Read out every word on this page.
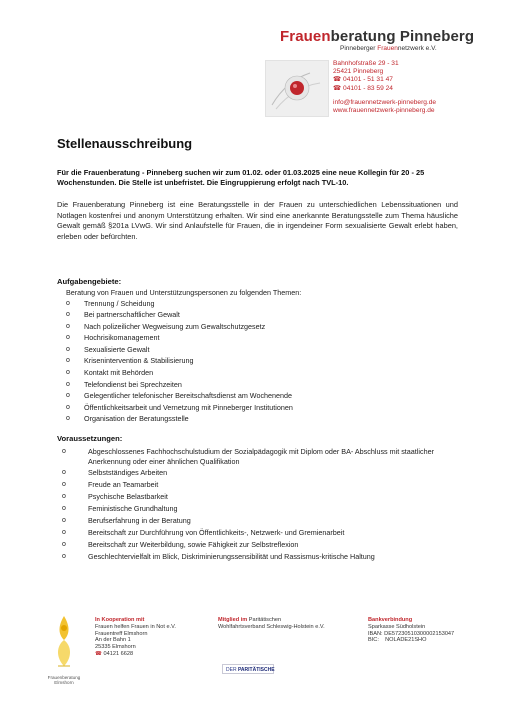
Frauenberatung Pinneberg
Pinneberger Frauennetzwerk e.V.
Bahnhofstraße 29 - 31
25421 Pinneberg
☎ 04101 - 51 31 47
☎ 04101 - 83 59 24
info@frauennetzwerk-pinneberg.de
www.frauennetzwerk-pinneberg.de
Stellenausschreibung
Für die Frauenberatung - Pinneberg suchen wir zum 01.02. oder 01.03.2025 eine neue Kollegin für 20 - 25 Wochenstunden. Die Stelle ist unbefristet. Die Eingruppierung erfolgt nach TVL-10.
Die Frauenberatung Pinneberg ist eine Beratungsstelle in der Frauen zu unterschiedlichen Lebenssituationen und Notlagen kostenfrei und anonym Unterstützung erhalten. Wir sind eine anerkannte Beratungsstelle zum Thema häusliche Gewalt gemäß §201a LVwG. Wir sind Anlaufstelle für Frauen, die in irgendeiner Form sexualisierte Gewalt erlebt haben, erleben oder befürchten.
Aufgabengebiete:
Beratung von Frauen und Unterstützungspersonen zu folgenden Themen:
o Trennung / Scheidung
o Bei partnerschaftlicher Gewalt
o Nach polizeilicher Wegweisung zum Gewaltschutzgesetz
o Hochrisikomanagement
o Sexualisierte Gewalt
o Krisenintervention & Stabilisierung
o Kontakt mit Behörden
o Telefondienst bei Sprechzeiten
o Gelegentlicher telefonischer Bereitschaftsdienst am Wochenende
o Öffentlichkeitsarbeit und Vernetzung mit Pinneberger Institutionen
o Organisation der Beratungsstelle
Voraussetzungen:
o	Abgeschlossenes Fachhochschulstudium der Sozialpädagogik mit Diplom oder BA- Abschluss mit staatlicher Anerkennung oder einer ähnlichen Qualifikation
o	Selbstständiges Arbeiten
o	Freude an Teamarbeit
o	Psychische Belastbarkeit
o	Feministische Grundhaltung
o	Berufserfahrung in der Beratung
o	Bereitschaft zur Durchführung von Öffentlichkeits-, Netzwerk- und Gremienarbeit
o	Bereitschaft zur Weiterbildung, sowie Fähigkeit zur Selbstreflexion
o	Geschlechtervielfalt im Blick, Diskriminierungssensibilität und Rassismus-kritische Haltung
Frauenberatung
Elmshorn
In Kooperation mit
Frauen helfen Frauen in Not e.V.
Frauentreff Elmshorn
An der Bahn 1
25335 Elmshorn
☎ 04121 6628
Mitglied im Paritätischen
Wohlfahrtsverband Schleswig-Holstein e.V.
DER PARITÄTISCHE
Bankverbindung
Sparkasse Südholstein
IBAN: DE57230510300002153047
BIC:    NOLADE21SHO
